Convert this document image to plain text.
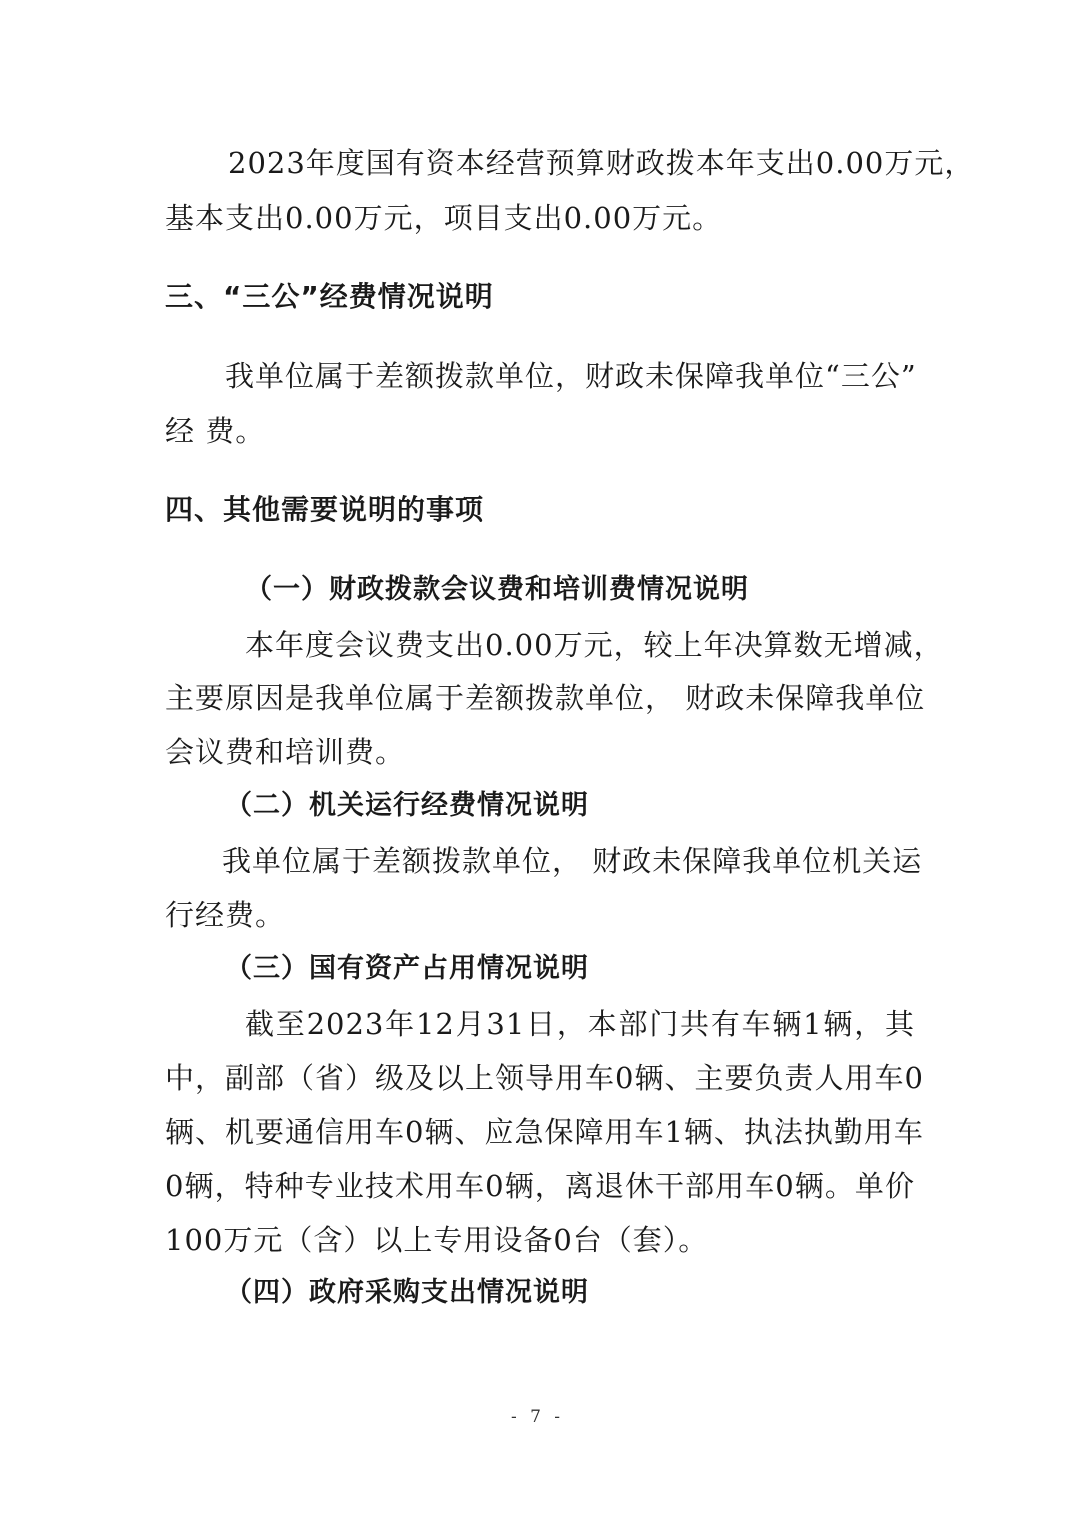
2023年度国有资本经营预算财政拨本年支出0.00万元，
基本支出0.00万元，项目支出0.00万元。
三、“三公”经费情况说明
我单位属于差额拨款单位，财政未保障我单位“三公”
经 费。
四、其他需要说明的事项
（一）财政拨款会议费和培训费情况说明
本年度会议费支出0.00万元，较上年决算数无增减，
主要原因是我单位属于差额拨款单位， 财政未保障我单位
会议费和培训费。
（二）机关运行经费情况说明
我单位属于差额拨款单位， 财政未保障我单位机关运
行经费。
（三）国有资产占用情况说明
截至2023年12月31日，本部门共有车辆1辆，其
中，副部（省）级及以上领导用车0辆、主要负责人用车0
辆、机要通信用车0辆、应急保障用车1辆、执法执勤用车
0辆，特种专业技术用车0辆，离退休干部用车0辆。单价
100万元（含）以上专用设备0台（套）。
（四）政府采购支出情况说明
- 7 -
